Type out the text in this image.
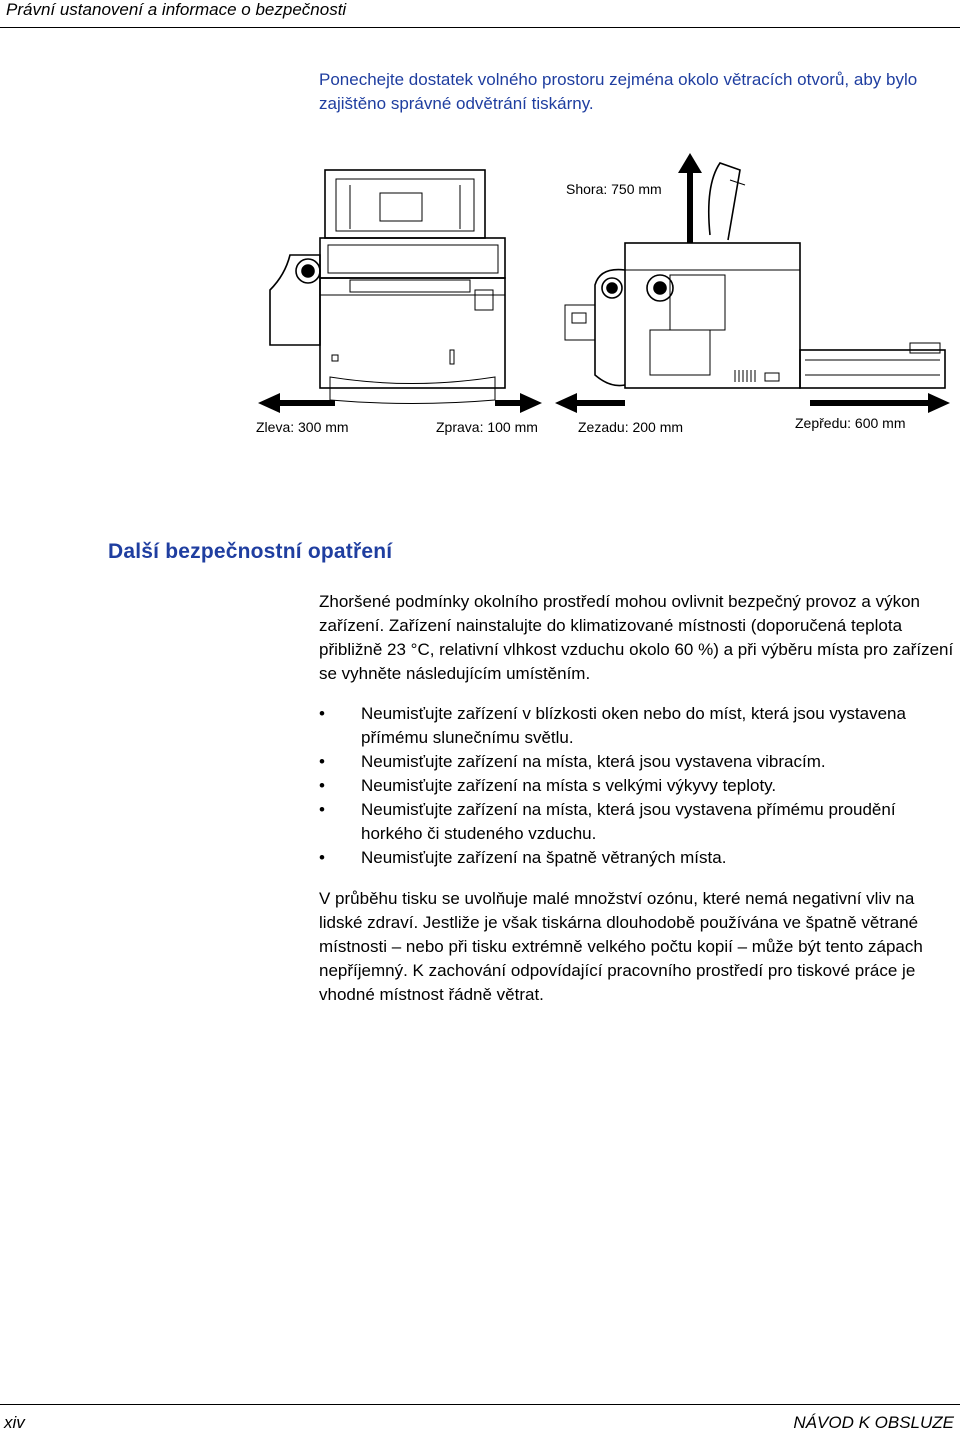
Právní ustanovení a informace o bezpečnosti
Ponechejte dostatek volného prostoru zejména okolo větracích otvorů, aby bylo zajištěno správné odvětrání tiskárny.
Shora: 750 mm
Zleva: 300 mm	Zprava: 100 mm	Zezadu: 200 mm	Zepředu: 600 mm
Další bezpečnostní opatření

Zhoršené podmínky okolního prostředí mohou ovlivnit bezpečný provoz a výkon zařízení. Zařízení nainstalujte do klimatizované místnosti (doporučená teplota přibližně 23 °C, relativní vlhkost vzduchu okolo 60 %) a při výběru místa pro zařízení se vyhněte následujícím umístěním.

• Neumisťujte zařízení v blízkosti oken nebo do míst, která jsou vystavena přímému slunečnímu světlu.
• Neumisťujte zařízení na místa, která jsou vystavena vibracím.
• Neumisťujte zařízení na místa s velkými výkyvy teploty.
• Neumisťujte zařízení na místa, která jsou vystavena přímému proudění horkého či studeného vzduchu.
• Neumisťujte zařízení na špatně větraných místa.

V průběhu tisku se uvolňuje malé množství ozónu, které nemá negativní vliv na lidské zdraví. Jestliže je však tiskárna dlouhodobě používána ve špatně větrané místnosti – nebo při tisku extrémně velkého počtu kopií – může být tento zápach nepříjemný. K zachování odpovídající pracovního prostředí pro tiskové práce je vhodné místnost řádně větrat.

xiv	NÁVOD K OBSLUZE
